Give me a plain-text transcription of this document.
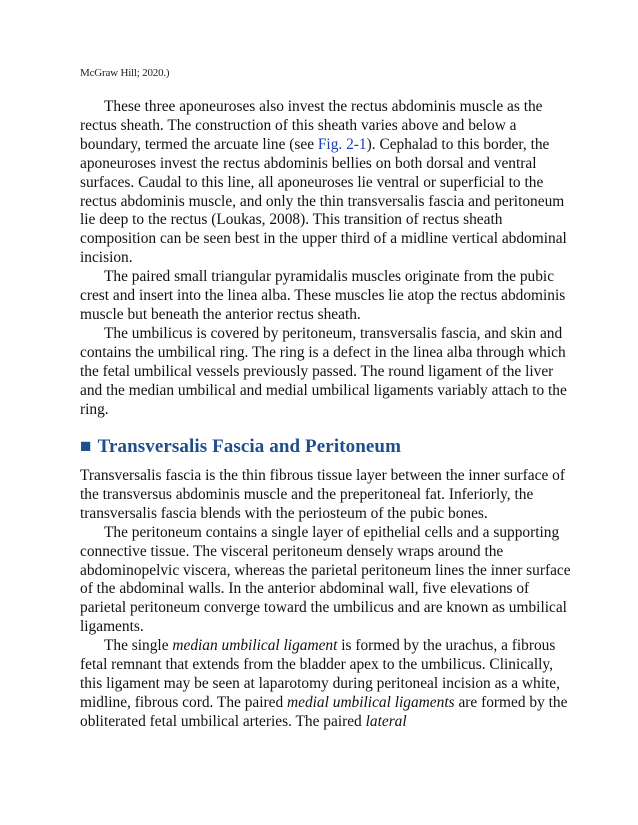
McGraw Hill; 2020.)

These three aponeuroses also invest the rectus abdominis muscle as the rectus sheath. The construction of this sheath varies above and below a boundary, termed the arcuate line (see Fig. 2-1). Cephalad to this border, the aponeuroses invest the rectus abdominis bellies on both dorsal and ventral surfaces. Caudal to this line, all aponeuroses lie ventral or superficial to the rectus abdominis muscle, and only the thin transversalis fascia and peritoneum lie deep to the rectus (Loukas, 2008). This transition of rectus sheath composition can be seen best in the upper third of a midline vertical abdominal incision.

The paired small triangular pyramidalis muscles originate from the pubic crest and insert into the linea alba. These muscles lie atop the rectus abdominis muscle but beneath the anterior rectus sheath.

The umbilicus is covered by peritoneum, transversalis fascia, and skin and contains the umbilical ring. The ring is a defect in the linea alba through which the fetal umbilical vessels previously passed. The round ligament of the liver and the median umbilical and medial umbilical ligaments variably attach to the ring.

■ Transversalis Fascia and Peritoneum

Transversalis fascia is the thin fibrous tissue layer between the inner surface of the transversus abdominis muscle and the preperitoneal fat. Inferiorly, the transversalis fascia blends with the periosteum of the pubic bones.

The peritoneum contains a single layer of epithelial cells and a supporting connective tissue. The visceral peritoneum densely wraps around the abdominopelvic viscera, whereas the parietal peritoneum lines the inner surface of the abdominal walls. In the anterior abdominal wall, five elevations of parietal peritoneum converge toward the umbilicus and are known as umbilical ligaments.

The single median umbilical ligament is formed by the urachus, a fibrous fetal remnant that extends from the bladder apex to the umbilicus. Clinically, this ligament may be seen at laparotomy during peritoneal incision as a white, midline, fibrous cord. The paired medial umbilical ligaments are formed by the obliterated fetal umbilical arteries. The paired lateral
